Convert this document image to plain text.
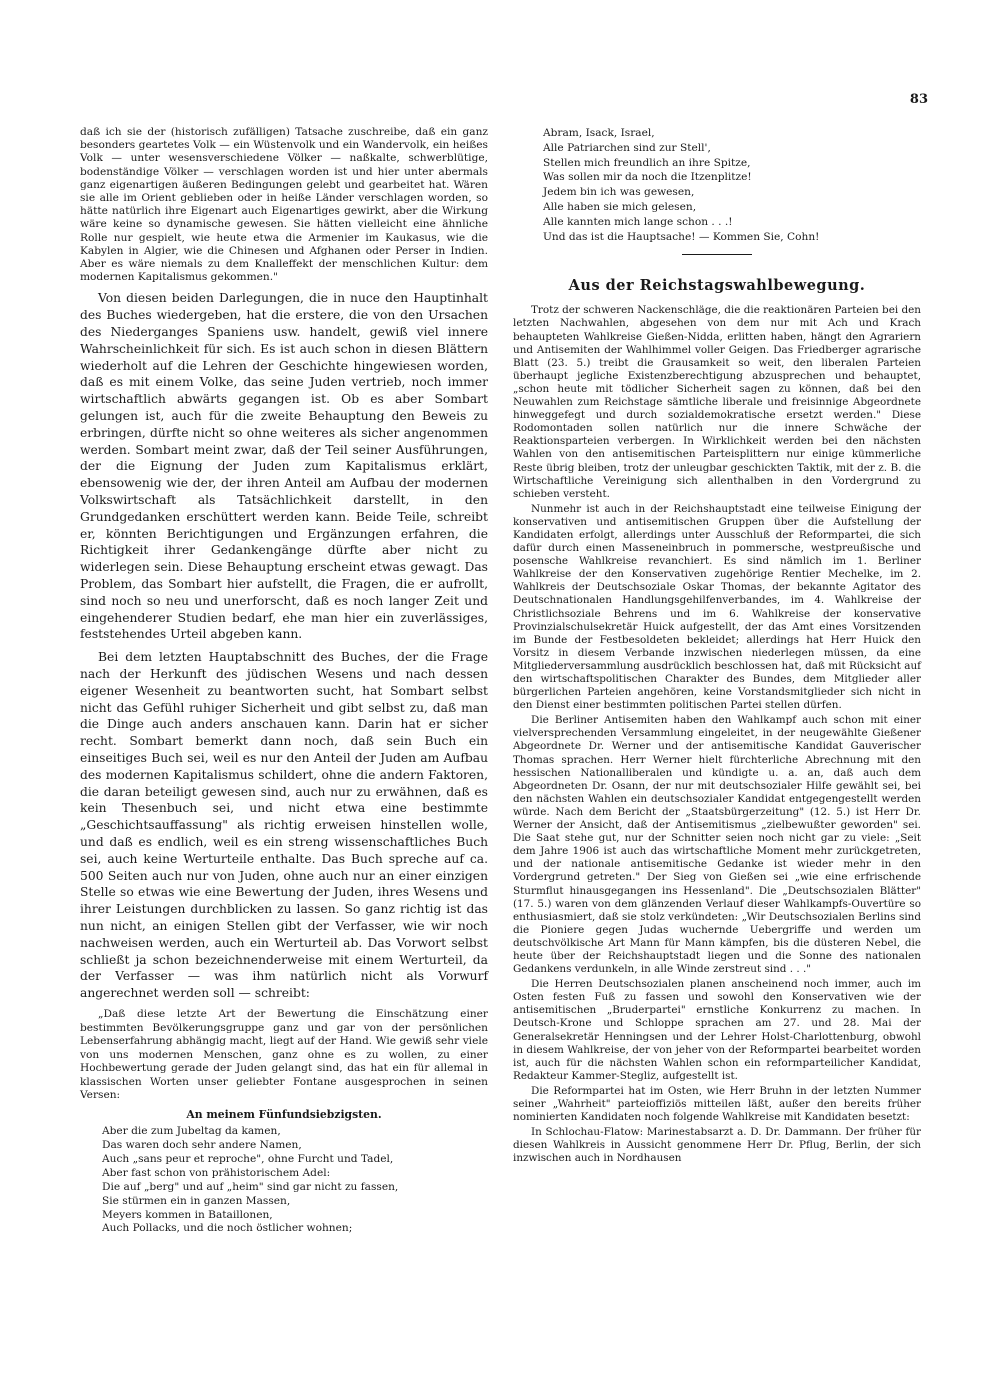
83

daß ich sie der (historisch zufälligen) Tatsache zuschreibe, daß ein ganz besonders geartetes Volk — ein Wüstenvolk und ein Wandervolk, ein heißes Volk — unter wesensverschiedene Völker — naßkalte, schwerblütige, bodenständige Völker — verschlagen worden ist und hier unter abermals ganz eigenartigen äußeren Bedingungen gelebt und gearbeitet hat. Wären sie alle im Orient geblieben oder in heiße Länder verschlagen worden, so hätte natürlich ihre Eigenart auch Eigenartiges gewirkt, aber die Wirkung wäre keine so dynamische gewesen. Sie hätten vielleicht eine ähnliche Rolle nur gespielt, wie heute etwa die Armenier im Kaukasus, wie die Kabylen in Algier, wie die Chinesen und Afghanen oder Perser in Indien. Aber es wäre niemals zu dem Knalleffekt der menschlichen Kultur: dem modernen Kapitalismus gekommen."

Von diesen beiden Darlegungen, die in nuce den Hauptinhalt des Buches wiedergeben, hat die erstere, die von den Ursachen des Niederganges Spaniens usw. handelt, gewiß viel innere Wahrscheinlichkeit für sich. Es ist auch schon in diesen Blättern wiederholt auf die Lehren der Geschichte hingewiesen worden, daß es mit einem Volke, das seine Juden vertrieb, noch immer wirtschaftlich abwärts gegangen ist. Ob es aber Sombart gelungen ist, auch für die zweite Behauptung den Beweis zu erbringen, dürfte nicht so ohne weiteres als sicher angenommen werden. Sombart meint zwar, daß der Teil seiner Ausführungen, der die Eignung der Juden zum Kapitalismus erklärt, ebensowenig wie der, der ihren Anteil am Aufbau der modernen Volkswirtschaft als Tatsächlichkeit darstellt, in den Grundgedanken erschüttert werden kann. Beide Teile, schreibt er, könnten Berichtigungen und Ergänzungen erfahren, die Richtigkeit ihrer Gedankengänge dürfte aber nicht zu widerlegen sein. Diese Behauptung erscheint etwas gewagt. Das Problem, das Sombart hier aufstellt, die Fragen, die er aufrollt, sind noch so neu und unerforscht, daß es noch langer Zeit und eingehenderer Studien bedarf, ehe man hier ein zuverlässiges, feststehendes Urteil abgeben kann.

Bei dem letzten Hauptabschnitt des Buches, der die Frage nach der Herkunft des jüdischen Wesens und nach dessen eigener Wesenheit zu beantworten sucht, hat Sombart selbst nicht das Gefühl ruhiger Sicherheit und gibt selbst zu, daß man die Dinge auch anders anschauen kann. Darin hat er sicher recht. Sombart bemerkt dann noch, daß sein Buch ein einseitiges Buch sei, weil es nur den Anteil der Juden am Aufbau des modernen Kapitalismus schildert, ohne die andern Faktoren, die daran beteiligt gewesen sind, auch nur zu erwähnen, daß es kein Thesenbuch sei, und nicht etwa eine bestimmte „Geschichtsauffassung" als richtig erweisen hinstellen wolle, und daß es endlich, weil es ein streng wissenschaftliches Buch sei, auch keine Werturteile enthalte. Das Buch spreche auf ca. 500 Seiten auch nur von Juden, ohne auch nur an einer einzigen Stelle so etwas wie eine Bewertung der Juden, ihres Wesens und ihrer Leistungen durchblicken zu lassen. So ganz richtig ist das nun nicht, an einigen Stellen gibt der Verfasser, wie wir noch nachweisen werden, auch ein Werturteil ab. Das Vorwort selbst schließt ja schon bezeichnenderweise mit einem Werturteil, da der Verfasser — was ihm natürlich nicht als Vorwurf angerechnet werden soll — schreibt:

„Daß diese letzte Art der Bewertung die Einschätzung einer bestimmten Bevölkerungsgruppe ganz und gar von der persönlichen Lebenserfahrung abhängig macht, liegt auf der Hand. Wie gewiß sehr viele von uns modernen Menschen, ganz ohne es zu wollen, zu einer Hochbewertung gerade der Juden gelangt sind, das hat ein für allemal in klassischen Worten unser geliebter Fontane ausgesprochen in seinen Versen:

An meinem Fünfundsiebzigsten.
Aber die zum Jubeltag da kamen,
Das waren doch sehr andere Namen,
Auch „sans peur et reproche", ohne Furcht und Tadel,
Aber fast schon von prähistorischem Adel:
Die auf „berg" und auf „heim" sind gar nicht zu fassen,
Sie stürmen ein in ganzen Massen,
Meyers kommen in Bataillonen,
Auch Pollacks, und die noch östlicher wohnen;
Abram, Isack, Israel,
Alle Patriarchen sind zur Stell',
Stellen mich freundlich an ihre Spitze,
Was sollen mir da noch die Itzenplitze!
Jedem bin ich was gewesen,
Alle haben sie mich gelesen,
Alle kannten mich lange schon . . .!
Und das ist die Hauptsache! — Kommen Sie, Cohn!
Aus der Reichstagswahlbewegung.

Trotz der schweren Nackenschläge, die die reaktionären Parteien bei den letzten Nachwahlen, abgesehen von dem nur mit Ach und Krach behaupteten Wahlkreise Gießen-Nidda, erlitten haben, hängt den Agrariern und Antisemiten der Wahlhimmel voller Geigen. Das Friedberger agrarische Blatt (23. 5.) treibt die Grausamkeit so weit, den liberalen Parteien überhaupt jegliche Existenzberechtigung abzusprechen und behauptet, „schon heute mit tödlicher Sicherheit sagen zu können, daß bei den Neuwahlen zum Reichstage sämtliche liberale und freisinnige Abgeordnete hinweggefegt und durch sozialdemokratische ersetzt werden." Diese Rodomontaden sollen natürlich nur die innere Schwäche der Reaktionsparteien verbergen. In Wirklichkeit werden bei den nächsten Wahlen von den antisemitischen Parteisplittern nur einige kümmerliche Reste übrig bleiben, trotz der unleugbar geschickten Taktik, mit der z. B. die Wirtschaftliche Vereinigung sich allenthalben in den Vordergrund zu schieben versteht.

Nunmehr ist auch in der Reichshauptstadt eine teilweise Einigung der konservativen und antisemitischen Gruppen über die Aufstellung der Kandidaten erfolgt, allerdings unter Ausschluß der Reformpartei, die sich dafür durch einen Masseneinbruch in pommersche, westpreußische und posensche Wahlkreise revanchiert. Es sind nämlich im 1. Berliner Wahlkreise der den Konservativen zugehörige Rentier Mechelke, im 2. Wahlkreis der Deutschsoziale Oskar Thomas, der bekannte Agitator des Deutschnationalen Handlungsgehilfenverbandes, im 4. Wahlkreise der Christlichsoziale Behrens und im 6. Wahlkreise der konservative Provinzialschulsekretär Huick aufgestellt, der das Amt eines Vorsitzenden im Bunde der Festbesoldeten bekleidet; allerdings hat Herr Huick den Vorsitz in diesem Verbande inzwischen niederlegen müssen, da eine Mitgliederversammlung ausdrücklich beschlossen hat, daß mit Rücksicht auf den wirtschaftspolitischen Charakter des Bundes, dem Mitglieder aller bürgerlichen Parteien angehören, keine Vorstandsmitglieder sich nicht in den Dienst einer bestimmten politischen Partei stellen dürfen.

Die Berliner Antisemiten haben den Wahlkampf auch schon mit einer vielversprechenden Versammlung eingeleitet, in der neugewählte Gießener Abgeordnete Dr. Werner und der antisemitische Kandidat Gauverischer Thomas sprachen. Herr Werner hielt fürchterliche Abrechnung mit den hessischen Nationalliberalen und kündigte u. a. an, daß auch dem Abgeordneten Dr. Osann, der nur mit deutschsozialer Hilfe gewählt sei, bei den nächsten Wahlen ein deutschsozialer Kandidat entgegengestellt werden würde. Nach dem Bericht der „Staatsbürgerzeitung" (12. 5.) ist Herr Dr. Werner der Ansicht, daß der Antisemitismus „zielbewußter geworden" sei. Die Saat stehe gut, nur der Schnitter seien noch nicht gar zu viele: „Seit dem Jahre 1906 ist auch das wirtschaftliche Moment mehr zurückgetreten, und der nationale antisemitische Gedanke ist wieder mehr in den Vordergrund getreten." Der Sieg von Gießen sei „wie eine erfrischende Sturmflut hinausgegangen ins Hessenland". Die „Deutschsozialen Blätter" (17. 5.) waren von dem glänzenden Verlauf dieser Wahlkampfs-Ouvertüre so enthusiasmiert, daß sie stolz verkündeten: „Wir Deutschsozialen Berlins sind die Pioniere gegen Judas wuchernde Uebergriffe und werden um deutschvölkische Art Mann für Mann kämpfen, bis die düsteren Nebel, die heute über der Reichshauptstadt liegen und die Sonne des nationalen Gedankens verdunkeln, in alle Winde zerstreut sind . . ."

Die Herren Deutschsozialen planen anscheinend noch immer, auch im Osten festen Fuß zu fassen und sowohl den Konservativen wie der antisemitischen „Bruderpartei" ernstliche Konkurrenz zu machen. In Deutsch-Krone und Schloppe sprachen am 27. und 28. Mai der Generalsekretär Henningsen und der Lehrer Holst-Charlottenburg, obwohl in diesem Wahlkreise, der von jeher von der Reformpartei bearbeitet worden ist, auch für die nächsten Wahlen schon ein reformparteilicher Kandidat, Redakteur Kammer-Stegliz, aufgestellt ist.

Die Reformpartei hat im Osten, wie Herr Bruhn in der letzten Nummer seiner „Wahrheit" parteioffiziös mitteilen läßt, außer den bereits früher nominierten Kandidaten noch folgende Wahlkreise mit Kandidaten besetzt:

In Schlochau-Flatow: Marinestabsarzt a. D. Dr. Dammann. Der früher für diesen Wahlkreis in Aussicht genommene Herr Dr. Pflug, Berlin, der sich inzwischen auch in Nordhausen
